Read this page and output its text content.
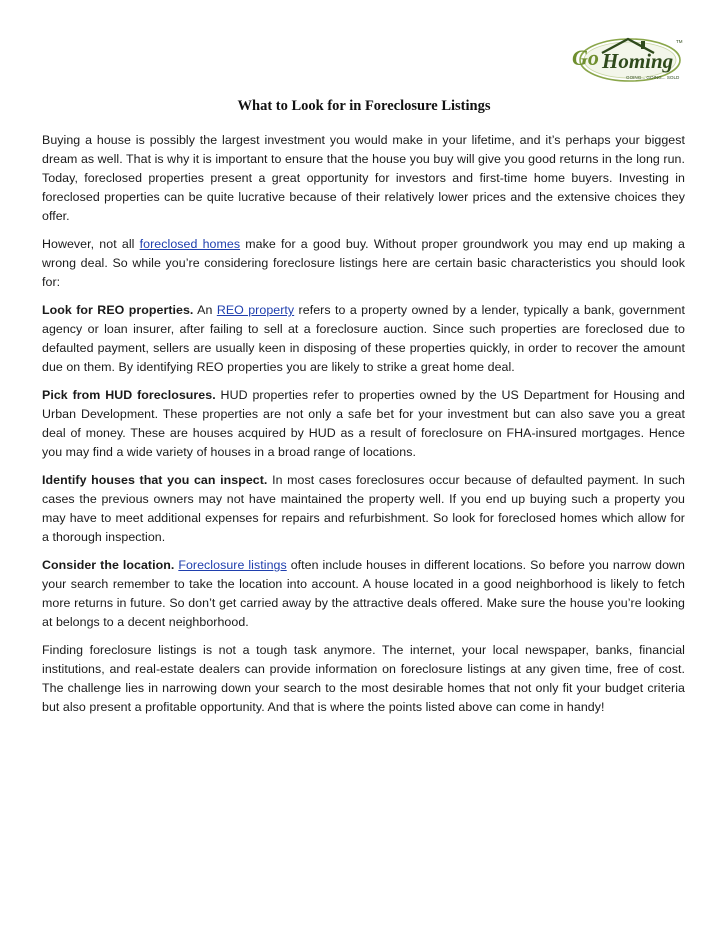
Go Homing
GOING... GOING... SOLD
TM
What to Look for in Foreclosure Listings

Buying a house is possibly the largest investment you would make in your lifetime, and it’s perhaps your biggest dream as well. That is why it is important to ensure that the house you buy will give you good returns in the long run. Today, foreclosed properties present a great opportunity for investors and first-time home buyers. Investing in foreclosed properties can be quite lucrative because of their relatively lower prices and the extensive choices they offer.

However, not all foreclosed homes make for a good buy. Without proper groundwork you may end up making a wrong deal. So while you’re considering foreclosure listings here are certain basic characteristics you should look for:

Look for REO properties. An REO property refers to a property owned by a lender, typically a bank, government agency or loan insurer, after failing to sell at a foreclosure auction. Since such properties are foreclosed due to defaulted payment, sellers are usually keen in disposing of these properties quickly, in order to recover the amount due on them. By identifying REO properties you are likely to strike a great home deal.

Pick from HUD foreclosures. HUD properties refer to properties owned by the US Department for Housing and Urban Development. These properties are not only a safe bet for your investment but can also save you a great deal of money. These are houses acquired by HUD as a result of foreclosure on FHA-insured mortgages. Hence you may find a wide variety of houses in a broad range of locations.

Identify houses that you can inspect. In most cases foreclosures occur because of defaulted payment. In such cases the previous owners may not have maintained the property well. If you end up buying such a property you may have to meet additional expenses for repairs and refurbishment. So look for foreclosed homes which allow for a thorough inspection.

Consider the location. Foreclosure listings often include houses in different locations. So before you narrow down your search remember to take the location into account. A house located in a good neighborhood is likely to fetch more returns in future. So don’t get carried away by the attractive deals offered. Make sure the house you’re looking at belongs to a decent neighborhood.

Finding foreclosure listings is not a tough task anymore. The internet, your local newspaper, banks, financial institutions, and real-estate dealers can provide information on foreclosure listings at any given time, free of cost. The challenge lies in narrowing down your search to the most desirable homes that not only fit your budget criteria but also present a profitable opportunity. And that is where the points listed above can come in handy!
